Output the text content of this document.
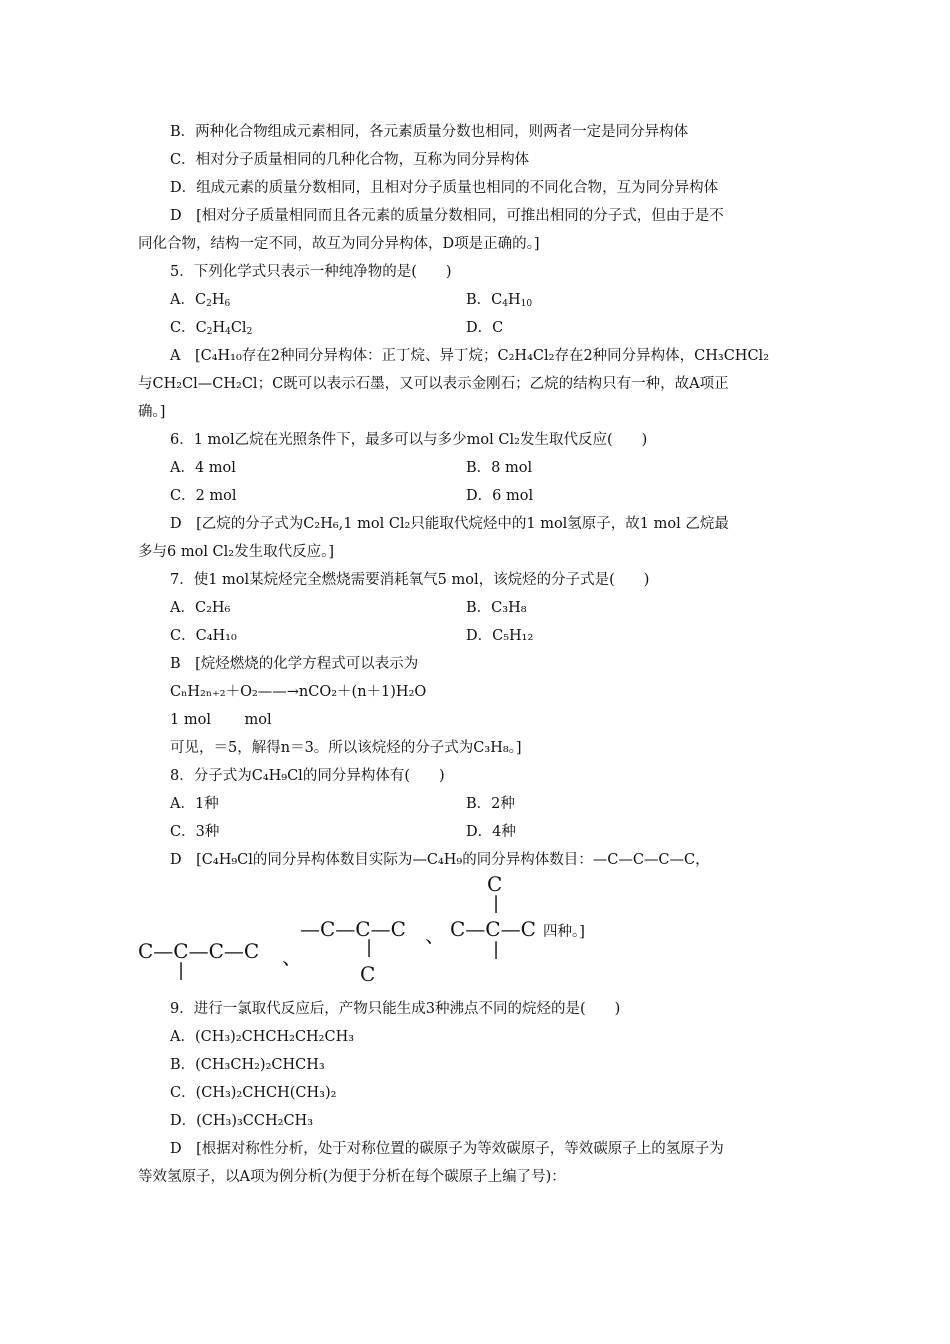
B．两种化合物组成元素相同，各元素质量分数也相同，则两者一定是同分异构体
C．相对分子质量相同的几种化合物，互称为同分异构体
D．组成元素的质量分数相同，且相对分子质量也相同的不同化合物，互为同分异构体
D　[相对分子质量相同而且各元素的质量分数相同，可推出相同的分子式，但由于是不
同化合物，结构一定不同，故互为同分异构体，D项是正确的。]
5．下列化学式只表示一种纯净物的是(　　)
A．$C_2H_6$	B．$C_4H_{10}$
C．$C_2H_4Cl_2$	D．C
A　[C₄H₁₀存在2种同分异构体：正丁烷、异丁烷；C₂H₄Cl₂存在2种同分异构体，CH₃CHCl₂
与CH₂Cl—CH₂Cl；C既可以表示石墨，又可以表示金刚石；乙烷的结构只有一种，故A项正
确。]
6．1 mol乙烷在光照条件下，最多可以与多少mol Cl₂发生取代反应(　　)
A．4 mol	B．8 mol
C．2 mol	D．6 mol
D　[乙烷的分子式为C₂H₆,1 mol Cl₂只能取代烷烃中的1 mol氢原子，故1 mol 乙烷最
多与6 mol Cl₂发生取代反应。]
7．使1 mol某烷烃完全燃烧需要消耗氧气5 mol，该烷烃的分子式是(　　)
A．C₂H₆	B．C₃H₈
C．C₄H₁₀	D．C₅H₁₂
B　[烷烃燃烧的化学方程式可以表示为
CₙH₂ₙ₊₂＋O₂——→nCO₂＋(n＋1)H₂O
1 mol　　 mol
可见，＝5，解得n＝3。所以该烷烃的分子式为C₃H₈。]
8．分子式为C₄H₉Cl的同分异构体有(　　)
A．1种	B．2种
C．3种	D．4种
D　[C₄H₉Cl的同分异构体数目实际为—C₄H₉的同分异构体数目：—C—C—C—C，
C—C—C—C
|
、
—C—C—C
|
C
、
C
|
C—C—C
|
四种。]
9．进行一氯取代反应后，产物只能生成3种沸点不同的烷烃的是(　　)
A．(CH₃)₂CHCH₂CH₂CH₃
B．(CH₃CH₂)₂CHCH₃
C．(CH₃)₂CHCH(CH₃)₂
D．(CH₃)₃CCH₂CH₃
D　[根据对称性分析，处于对称位置的碳原子为等效碳原子，等效碳原子上的氢原子为
等效氢原子，以A项为例分析(为便于分析在每个碳原子上编了号)：
